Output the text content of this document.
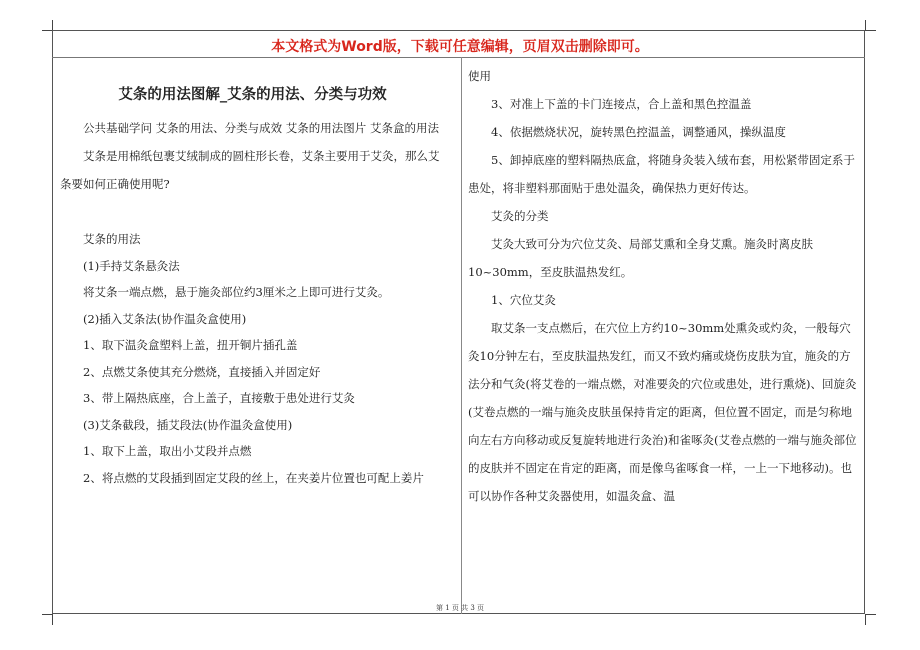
本文格式为Word版，下载可任意编辑，页眉双击删除即可。

艾条的用法图解_艾条的用法、分类与功效

公共基础学问 艾条的用法、分类与成效 艾条的用法图片 艾条盒的用法

艾条是用棉纸包裹艾绒制成的圆柱形长卷，艾条主要用于艾灸，那么艾条要如何正确使用呢?

艾条的用法

(1)手持艾条悬灸法

将艾条一端点燃，悬于施灸部位约3厘米之上即可进行艾灸。

(2)插入艾条法(协作温灸盒使用)

1、取下温灸盒塑料上盖，扭开铜片插孔盖

2、点燃艾条使其充分燃烧，直接插入并固定好

3、带上隔热底座，合上盖子，直接敷于患处进行艾灸

(3)艾条截段，插艾段法(协作温灸盒使用)

1、取下上盖，取出小艾段并点燃

2、将点燃的艾段插到固定艾段的丝上，在夹姜片位置也可配上姜片

使用

3、对准上下盖的卡门连接点，合上盖和黑色控温盖

4、依据燃烧状况，旋转黑色控温盖，调整通风，操纵温度

5、卸掉底座的塑料隔热底盒，将随身灸装入绒布套，用松紧带固定系于患处，将非塑料那面贴于患处温灸，确保热力更好传达。

艾灸的分类

艾灸大致可分为穴位艾灸、局部艾熏和全身艾熏。施灸时离皮肤10~30mm，至皮肤温热发红。

1、穴位艾灸

取艾条一支点燃后，在穴位上方约10~30mm处熏灸或灼灸，一般每穴灸10分钟左右，至皮肤温热发红，而又不致灼痛或烧伤皮肤为宜，施灸的方法分和气灸(将艾卷的一端点燃，对准要灸的穴位或患处，进行熏烧)、回旋灸(艾卷点燃的一端与施灸皮肤虽保持肯定的距离，但位置不固定，而是匀称地向左右方向移动或反复旋转地进行灸治)和雀啄灸(艾卷点燃的一端与施灸部位的皮肤并不固定在肯定的距离，而是像鸟雀啄食一样，一上一下地移动)。也可以协作各种艾灸器使用，如温灸盒、温

第 1 页 共 3 页
